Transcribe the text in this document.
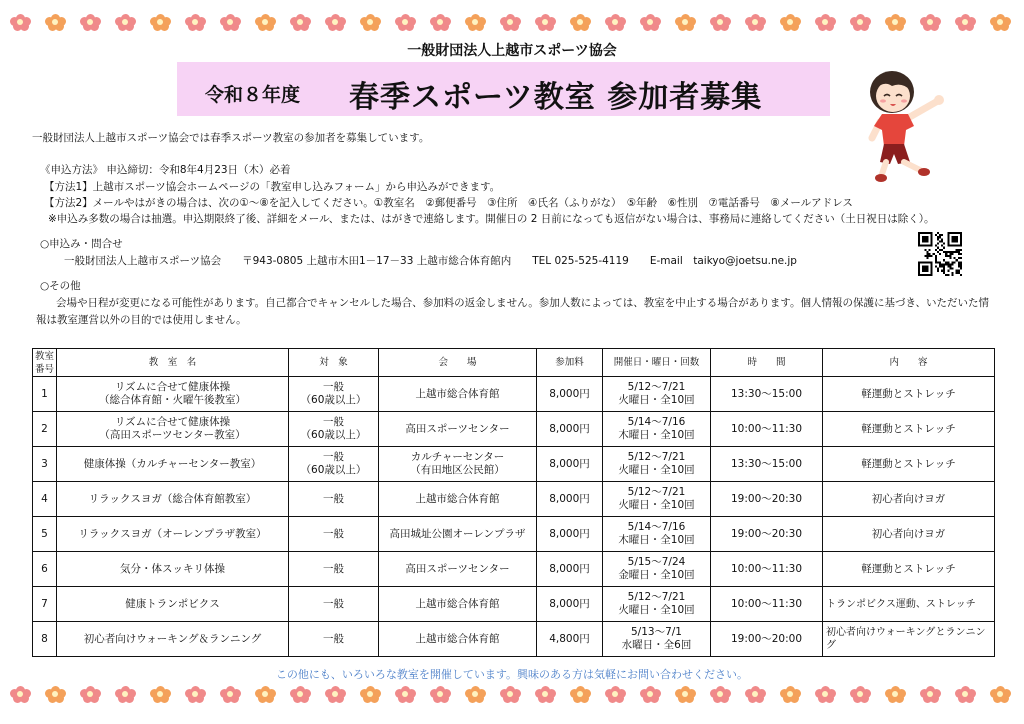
一般財団法人上越市スポーツ協会
令和８年度 春季スポーツ教室 参加者募集
一般財団法人上越市スポーツ協会では春季スポーツ教室の参加者を募集しています。
《申込方法》 申込締切：令和8年4月23日（木）必着
【方法1】上越市スポーツ協会ホームページの「教室申し込みフォーム」から申込みができます。
【方法2】メールやはがきの場合は、次の①～⑧を記入してください。①教室名　②郵便番号　③住所　④氏名（ふりがな）　⑤年齢　⑥性別　⑦電話番号　⑧メールアドレス
※申込み多数の場合は抽選。申込期限終了後、詳細をメール、または、はがきで連絡します。開催日の 2 日前になっても返信がない場合は、事務局に連絡してください（土日祝日は除く）。
○申込み・問合せ
一般財団法人上越市スポーツ協会　　〒943-0805 上越市木田1－17－33 上越市総合体育館内　　TEL 025-525-4119　　E-mail　taikyo@joetsu.ne.jp
○その他
会場や日程が変更になる可能性があります。自己都合でキャンセルした場合、参加料の返金しません。参加人数によっては、教室を中止する場合があります。個人情報の保護に基づき、いただいた情
報は教室運営以外の目的では使用しません。
教室
番号	教　室　名	対　象	会　　場	参加料	開催日・曜日・回数	時　　間	内　　容
1	リズムに合せて健康体操
（総合体育館・火曜午後教室）	一般
（60歳以上）	上越市総合体育館	8,000円	5/12～7/21
火曜日・全10回	13:30～15:00	軽運動とストレッチ
2	リズムに合せて健康体操
（高田スポーツセンター教室）	一般
（60歳以上）	高田スポーツセンター	8,000円	5/14～7/16
木曜日・全10回	10:00～11:30	軽運動とストレッチ
3	健康体操（カルチャーセンター教室）	一般
（60歳以上）	カルチャーセンター
（有田地区公民館）	8,000円	5/12～7/21
火曜日・全10回	13:30～15:00	軽運動とストレッチ
4	リラックスヨガ（総合体育館教室）	一般	上越市総合体育館	8,000円	5/12～7/21
火曜日・全10回	19:00～20:30	初心者向けヨガ
5	リラックスヨガ（オーレンプラザ教室）	一般	高田城址公園オーレンプラザ	8,000円	5/14～7/16
木曜日・全10回	19:00～20:30	初心者向けヨガ
6	気分・体スッキリ体操	一般	高田スポーツセンター	8,000円	5/15～7/24
金曜日・全10回	10:00～11:30	軽運動とストレッチ
7	健康トランポビクス	一般	上越市総合体育館	8,000円	5/12～7/21
火曜日・全10回	10:00～11:30	トランポビクス運動、ストレッチ
8	初心者向けウォーキング＆ランニング	一般	上越市総合体育館	4,800円	5/13～7/1
水曜日・全6回	19:00～20:00	初心者向けウォーキングとランニング
この他にも、いろいろな教室を開催しています。興味のある方は気軽にお問い合わせください。
